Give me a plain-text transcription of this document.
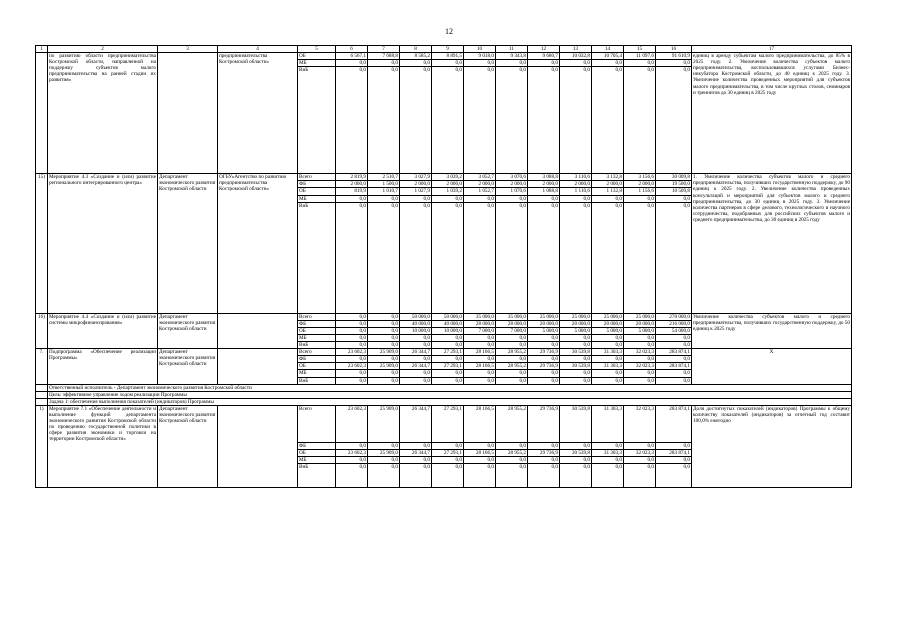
12
1	2	3	4	5	6	7	8	9	10	11	12	13	14	15	16	17
	по развитию области предпринимательства Костромской области, направленной на поддержку субъектов малого предпринимательства на ранней стадии их развития»		предпринимательства Костромской области»	ОБ	6 567,1	7 688,8	8 585,2	8 891,5	9 018,0	9 343,8	9 680,7	10 032,8	10 705,4	11 097,6	91 610,9	единиц в аренду субъектам малого предпринимательства, до 85% в 2025 году. 2. Увеличение количества субъектов малого предпринимательства, воспользовавшихся услугами Бизнес-инкубатора Костромской области, до 40 единиц к 2025 году. 3. Увеличение количества проведенных мероприятий для субъектов малого предпринимательства, в том числе круглых столов, семинаров и тренингов до 30 единиц в 2025 году
				МБ	0,0	0,0	0,0	0,0	0,0	0,0	0,0	0,0	0,0	0,0	0,0	
				ВнБ	0,0	0,0	0,0	0,0	0,0	0,0	0,0	0,0	0,0	0,0	0,0	
15)	Мероприятие 4.3 «Создание и (или) развитие регионального интегрированного центра»	Департамент экономического развития Костромской области	ОГБУ«Агентство по развитию предпринимательства Костромской области»	Всего	2 819,9	2 510,7	3 027,9	3 039,2	3 052,7	3 070,6	3 088,8	3 110,6	3 132,8	3 156,6	30 009,8	1. Увеличение количества субъектов малого и среднего предпринимательства, получивших государственную поддержку, до 90 единиц к 2025 году. 2. Увеличение количества проведенных консультаций и мероприятий для субъектов малого и среднего предпринимательства, до 30 единиц в 2025 году. 3. Увеличение количества партнеров в сфере делового, технологического и научного сотрудничества, подобранных для российских субъектов малого и среднего предпринимательства, до 30 единиц в 2025 году
				ФБ	2 000,0	1 500,0	2 000,0	2 000,0	2 000,0	2 000,0	2 000,0	2 000,0	2 000,0	2 000,0	19 500,0	
				ОБ	819,9	1 010,7	1 027,9	1 039,2	1 052,7	1 070,6	1 088,8	1 110,6	1 132,8	1 156,6	10 509,8	
				МБ	0,0	0,0	0,0	0,0	0,0	0,0	0,0	0,0	0,0	0,0	0,0	
				ВнБ	0,0	0,0	0,0	0,0	0,0	0,0	0,0	0,0	0,0	0,0	0,0	
16)	Мероприятие 4.4 «Создание и (или) развитие системы микрофинансирования»	Департамент экономического развития Костромской области		Всего	0,0	0,0	50 000,0	50 000,0	35 000,0	35 000,0	25 000,0	25 000,0	25 000,0	25 000,0	270 000,0	Увеличение количества субъектов малого и среднего предпринимательства, получивших государственную поддержку, до 50 единиц к 2025 году
				ФБ	0,0	0,0	40 000,0	40 000,0	28 000,0	28 000,0	20 000,0	20 000,0	20 000,0	20 000,0	216 000,0	
				ОБ	0,0	0,0	10 000,0	10 000,0	7 000,0	7 000,0	5 000,0	5 000,0	5 000,0	5 000,0	54 000,0	
				МБ	0,0	0,0	0,0	0,0	0,0	0,0	0,0	0,0	0,0	0,0	0,0	
				ВнБ	0,0	0,0	0,0	0,0	0,0	0,0	0,0	0,0	0,0	0,0	0,0	
7.	Подпрограмма «Обеспечение реализации Программы»	Департамент экономического развития Костромской области		Всего	23 602,3	25 909,0	26 344,7	27 293,1	28 166,5	28 955,2	29 736,9	30 539,8	31 303,3	32 023,3	283 874,1	Х
				ФБ	0,0	0,0	0,0	0,0	0,0	0,0	0,0	0,0	0,0	0,0	0,0	
				ОБ	23 602,3	25 909,0	26 344,7	27 293,1	28 166,5	28 955,2	29 736,9	30 539,8	31 303,3	32 023,3	283 874,1	
				МБ	0,0	0,0	0,0	0,0	0,0	0,0	0,0	0,0	0,0	0,0	0,0	
				ВнБ	0,0	0,0	0,0	0,0	0,0	0,0	0,0	0,0	0,0	0,0	0,0	
	Ответственный исполнитель - Департамент экономического развития Костромской области															
	Цель: эффективное управление ходом реализации Программы															
	Задача 1: обеспечение выполнения показателей (индикаторов) Программы															
1)	Мероприятие 7.1 «Обеспечение деятельности и выполнение функций департамента экономического развития Костромской области по проведению государственной политики в сфере развития экономики и торговли на территории Костромской области»	Департамент экономического развития Костромской области		Всего	23 602,3	25 909,0	26 344,7	27 293,1	28 166,5	28 955,2	29 736,9	30 539,8	31 303,3	32 023,3	283 874,1	Доля достигнутых показателей (индикаторов) Программы к общему количеству показателей (индикаторов) за отчетный год составит 100,0% ежегодно
				ФБ	0,0	0,0	0,0	0,0	0,0	0,0	0,0	0,0	0,0	0,0	0,0	
				ОБ	23 602,3	25 909,0	26 344,7	27 293,1	28 166,5	28 955,2	29 736,9	30 539,8	31 303,3	32 023,3	283 874,1	
				МБ	0,0	0,0	0,0	0,0	0,0	0,0	0,0	0,0	0,0	0,0	0,0	
				ВнБ	0,0	0,0	0,0	0,0	0,0	0,0	0,0	0,0	0,0	0,0	0,0	
